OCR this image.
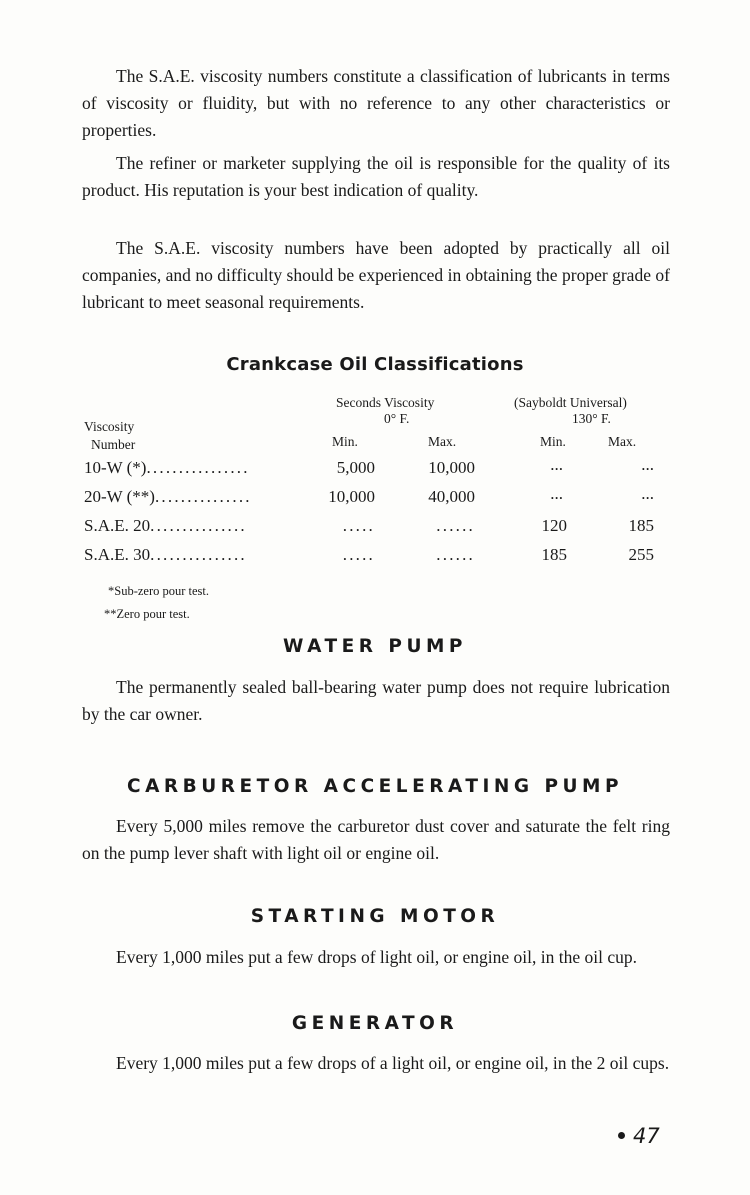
The S.A.E. viscosity numbers constitute a classification of lubricants in terms of viscosity or fluidity, but with no reference to any other characteristics or properties.

The refiner or marketer supplying the oil is responsible for the quality of its product. His reputation is your best indication of quality.

The S.A.E. viscosity numbers have been adopted by practically all oil companies, and no difficulty should be experienced in obtaining the proper grade of lubricant to meet seasonal requirements.

Crankcase Oil Classifications
Seconds Viscosity	(Sayboldt Universal)
Viscosity
0° F.	130° F.
Number	Min.	Max.	Min.	Max.
10-W (*)................	5,000	10,000	...	...
20-W (**)...............	10,000	40,000	...	...
S.A.E. 20...............	.....	......	120	185
S.A.E. 30...............	.....	......	185	255
*Sub-zero pour test.
**Zero pour test.
WATER PUMP

The permanently sealed ball-bearing water pump does not require lubrication by the car owner.

CARBURETOR ACCELERATING PUMP

Every 5,000 miles remove the carburetor dust cover and saturate the felt ring on the pump lever shaft with light oil or engine oil.

STARTING MOTOR

Every 1,000 miles put a few drops of light oil, or engine oil, in the oil cup.

GENERATOR

Every 1,000 miles put a few drops of a light oil, or engine oil, in the 2 oil cups.

47
